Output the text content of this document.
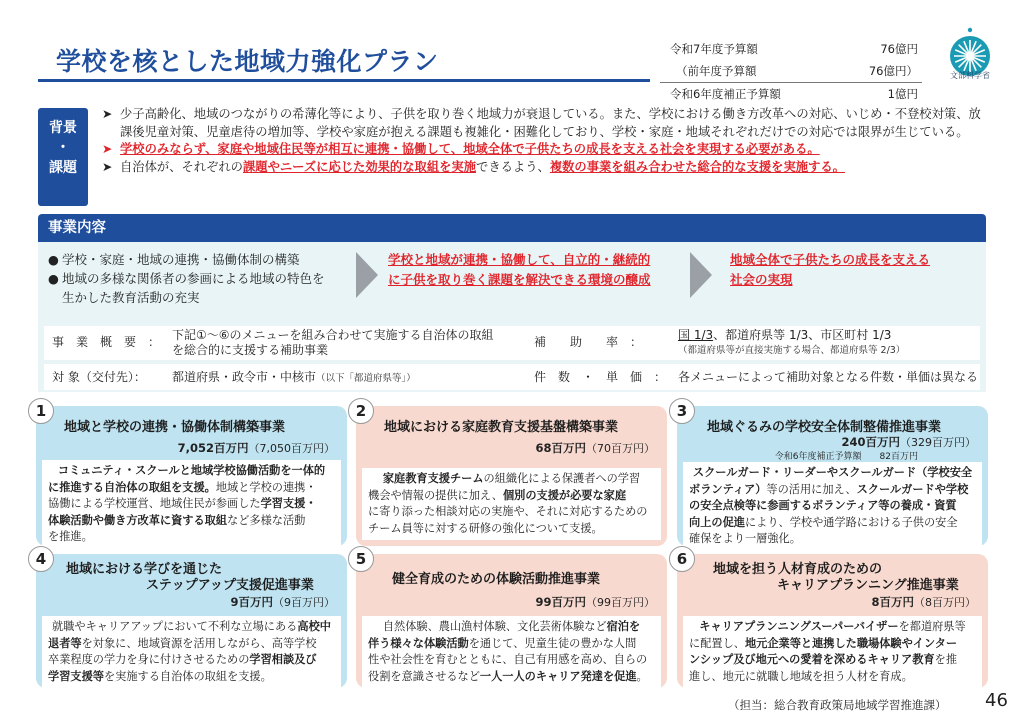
学校を核とした地域力強化プラン	令和7年度予算額	76億円
（前年度予算額	76億円）
令和6年度補正予算額	1億円
文部科学省
背景
・
課題
➤ 少子高齢化、地域のつながりの希薄化等により、子供を取り巻く地域力が衰退している。また、学校における働き方改革への対応、いじめ・不登校対策、放課後児童対策、児童虐待の増加等、学校や家庭が抱える課題も複雑化・困難化しており、学校・家庭・地域それぞれだけでの対応では限界が生じている。
➤ 学校のみならず、家庭や地域住民等が相互に連携・協働して、地域全体で子供たちの成長を支える社会を実現する必要がある。
➤ 自治体が、それぞれの課題やニーズに応じた効果的な取組を実施できるよう、複数の事業を組み合わせた総合的な支援を実施する。
事業内容
● 学校・家庭・地域の連携・協働体制の構築
● 地域の多様な関係者の参画による地域の特色を
生かした教育活動の充実
学校と地域が連携・協働して、自立的・継続的
に子供を取り巻く課題を解決できる環境の醸成
地域全体で子供たちの成長を支える
社会の実現
事　業　概　要　： 下記①～⑥のメニューを組み合わせて実施する自治体の取組
を総合的に支援する補助事業
補　　助　　率　：	国 1/3、都道府県等 1/3、市区町村 1/3
（都道府県等が直接実施する場合、都道府県等 2/3）
対 象（交付先）： 都道府県・政令市・中核市（以下「都道府県等」）	件　数　・　単　価　： 各メニューによって補助対象となる件数・単価は異なる
1
地域と学校の連携・協働体制構築事業
7,052百万円（7,050百万円）
コミュニティ・スクールと地域学校協働活動を一体的
に推進する自治体の取組を支援。地域と学校の連携・
協働による学校運営、地域住民が参画した学習支援・
体験活動や働き方改革に資する取組など多様な活動
を推進。
2
地域における家庭教育支援基盤構築事業
68百万円（70百万円）
家庭教育支援チームの組織化による保護者への学習
機会や情報の提供に加え、個別の支援が必要な家庭
に寄り添った相談対応の実施や、それに対応するための
チーム員等に対する研修の強化について支援。
3
地域ぐるみの学校安全体制整備推進事業
240百万円（329百万円）
令和6年度補正予算額　　 82百万円
スクールガード・リーダーやスクールガード（学校安全
ボランティア）等の活用に加え、スクールガードや学校
の安全点検等に参画するボランティア等の養成・資質
向上の促進により、学校や通学路における子供の安全
確保をより一層強化。
4
地域における学びを通じた
ステップアップ支援促進事業
9百万円（9百万円）
就職やキャリアアップにおいて不利な立場にある高校中
退者等を対象に、地域資源を活用しながら、高等学校
卒業程度の学力を身に付けさせるための学習相談及び
学習支援等を実施する自治体の取組を支援。
5
健全育成のための体験活動推進事業
99百万円（99百万円）
自然体験、農山漁村体験、文化芸術体験など宿泊を
伴う様々な体験活動を通じて、児童生徒の豊かな人間
性や社会性を育むとともに、自己有用感を高め、自らの
役割を意識させるなど一人一人のキャリア発達を促進。
6
地域を担う人材育成のための
キャリアプランニング推進事業
8百万円（8百万円）
キャリアプランニングスーパーバイザーを都道府県等
に配置し、地元企業等と連携した職場体験やインター
ンシップ及び地元への愛着を深めるキャリア教育を推
進し、地元に就職し地域を担う人材を育成。
（担当：総合教育政策局地域学習推進課） 46
